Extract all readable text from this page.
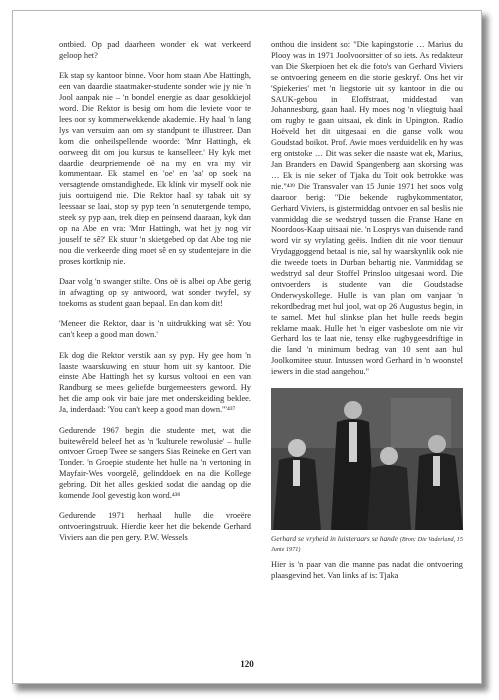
ontbied. Op pad daarheen wonder ek wat verkeerd geloop het?

Ek stap sy kantoor binne. Voor hom staan Abe Hattingh, een van daardie staatmaker-studente sonder wie jy nie 'n Jool aanpak nie – 'n bondel energie as daar gesokkiejol word. Die Rektor is besig om hom die leviete voor te lees oor sy kommerwekkende akademie. Hy haal 'n lang lys van versuim aan om sy standpunt te illustreer. Dan kom die onheilspellende woorde: 'Mnr Hattingh, ek oorweeg dit om jou kursus te kanselleer.' Hy kyk met daardie deurpriemende oë na my en vra my vir kommentaar. Ek stamel en 'oe' en 'aa' op soek na versagtende omstandighede. Ek klink vir myself ook nie juis oortuigend nie. Die Rektor haal sy tabak uit sy leessaar se laai, stop sy pyp teen 'n senutergende tempo, steek sy pyp aan, trek diep en peinsend daaraan, kyk dan op na Abe en vra: 'Mnr Hattingh, wat het jy nog vir jouself te sê?' Ek stuur 'n skietgebed op dat Abe tog nie nou die verkeerde ding moet sê en sy studentejare in die proses kortknip nie.

Daar volg 'n swanger stilte. Ons oë is albei op Abe gerig in afwagting op sy antwoord, wat sonder twyfel, sy toekoms as student gaan bepaal. En dan kom dit!

'Meneer die Rektor, daar is 'n uitdrukking wat sê: You can't keep a good man down.'

Ek dog die Rektor verstik aan sy pyp. Hy gee hom 'n laaste waarskuwing en stuur hom uit sy kantoor. Die einste Abe Hattingh het sy kursus voltooi en een van Randburg se mees geliefde burgemeesters geword. Hy het die amp ook vir baie jare met onderskeiding beklee. Ja, inderdaad: 'You can't keep a good man down.'"⁴³⁷

Gedurende 1967 begin die studente met, wat die buitewêreld beleef het as 'n 'kulturele rewolusie' – hulle ontvoer Groep Twee se sangers Sias Reineke en Gert van Tonder. 'n Groepie studente het hulle na 'n vertoning in Mayfair-Wes voorgelê, gelinddoek en na die Kollege gebring. Dit het alles geskied sodat die aandag op die komende Jool gevestig kon word.⁴³⁸

Gedurende 1971 herhaal hulle die vroeëre ontvoeringstruuk. Hierdie keer het die bekende Gerhard Viviers aan die pen gery. P.W. Wessels

onthou die insident so: "Die kapingstorie … Marius du Plooy was in 1971 Joolvoorsitter of so iets. As redakteur van Die Skerpioen het ek die foto's van Gerhard Viviers se ontvoering geneem en die storie geskryf. Ons het vir 'Spiekeries' met 'n liegstorie uit sy kantoor in die ou SAUK-gebou in Eloffstraat, middestad van Johannesburg, gaan haal. Hy moes nog 'n vliegtuig haal om rugby te gaan uitsaai, ek dink in Upington. Radio Hoëveld het dit uitgesaai en die ganse volk wou Goudstad boikot. Prof. Awie moes verduidelik en hy was erg ontstoke … Dit was seker die naaste wat ek, Marius, Jan Branders en Dawid Spangenberg aan skorsing was … Ek is nie seker of Tjaka du Toit ook betrokke was nie."⁴³⁹ Die Transvaler van 15 Junie 1971 het soos volg daaroor berig: "Die bekende rugbykommentator, Gerhard Viviers, is gistermiddag ontvoer en sal beslis nie vanmiddag die se wedstryd tussen die Franse Hane en Noordoos-Kaap uitsaai nie. 'n Losprys van duisende rand word vir sy vrylating geëis. Indien dit nie voor tienuur Vrydaggoggend betaal is nie, sal hy waarskynlik ook nie die tweede toets in Durban behartig nie. Vanmiddag se wedstryd sal deur Stoffel Prinsloo uitgesaai word. Die ontvoerders is studente van die Goudstadse Onderwyskollege. Hulle is van plan om vanjaar 'n rekordbedrag met hul jool, wat op 26 Augustus begin, in te samel. Met hul slinkse plan het hulle reeds begin reklame maak. Hulle het 'n eiger vasbeslote om nie vir Gerhard los te laat nie, tensy elke rugbygeesdriftige in die land 'n minimum bedrag van 10 sent aan hul Joolkomitee stuur. Intussen word Gerhard in 'n woonstel iewers in die stad aangehou."

Gerhard se vryheid in luisteraars se hande (Bron: Die Vaderland, 15 Junie 1971)

Hier is 'n paar van die manne pas nadat die ontvoering plaasgevind het. Van links af is: Tjaka

120
